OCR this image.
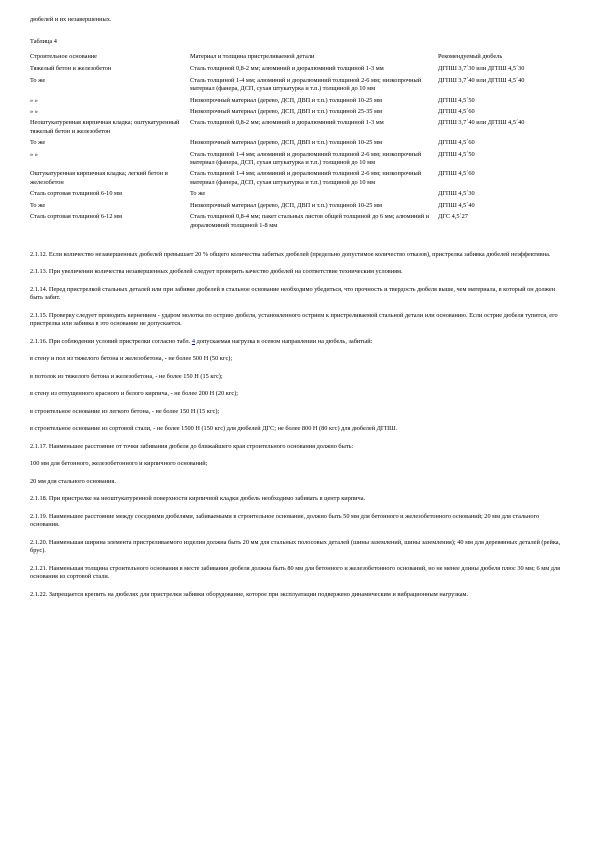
дюбелей и их незавершенных.
Таблица 4
Строительное основание	Материал и толщина пристреливаемой детали	Рекомендуемый дюбель
Тяжелый бетон и железобетон	Сталь толщиной 0,8-2 мм; алюминий и дюралюминий толщиной 1-3 мм	ДГПШ 3,7´30 или ДГПШ 4,5´30
То же	Сталь толщиной 1-4 мм; алюминий и дюралюминий толщиной 2-6 мм; низкопрочный материал (фанера, ДСП, сухая штукатурка и т.п.) толщиной до 10 мм	ДГПШ 3,7´40 или ДГПШ 4,5´40
» »	Низкопрочный материал (дерево, ДСП, ДВП и т.п.) толщиной 10-25 мм	ДГПШ 4,5´50
» »	Низкопрочный материал (дерево, ДСП, ДВП и т.п.) толщиной 25-35 мм	ДГПШ 4,5´60
Неоштукатуренная кирпичная кладка; оштукатуренный тяжелый бетон и железобетон	Сталь толщиной 0,8-2 мм; алюминий и дюралюминий толщиной 1-3 мм	ДГПШ 3,7´40 или ДГПШ 4,5´40
То же	Низкопрочный материал (дерево, ДСП, ДВП и т.п.) толщиной 10-25 мм	ДГПШ 4,5´60
» »	Сталь толщиной 1-4 мм; алюминий и дюралюминий толщиной 2-6 мм; низкопрочный материал (фанера, ДСП, сухая штукатурка и т.п.) толщиной до 10 мм	ДГПШ 4,5´50
Оштукатуренная кирпичная кладка; легкий бетон и железобетон	Сталь толщиной 1-4 мм; алюминий и дюралюминий толщиной 2-6 мм; низкопрочный материал (фанера, ДСП, сухая штукатурка и т.п.) толщиной до 10 мм	ДГПШ 4,5´60
Сталь сортовая толщиной 6-10 мм	То же	ДГПШ 4,5´30
То же	Низкопрочный материал (дерево, ДСП, ДВП и т.п.) толщиной 10-25 мм	ДГПШ 4,5´40
Сталь сортовая толщиной 6-12 мм	Сталь толщиной 0,8-4 мм; пакет стальных листов общей толщиной до 6 мм; алюминий и дюралюминий толщиной 1-8 мм	ДГС 4,5´27
2.1.12. Если количество незавершенных дюбелей превышает 20 % общего количества забитых дюбелей (предельно допустимое количество отказов), пристрелка забивка дюбелей неэффективна.
2.1.13. При увеличении количества незавершенных дюбелей следует проверить качество дюбелей на соответствие техническим условиям.
2.1.14. Перед пристрелкой стальных деталей или при забивке дюбелей в стальное основание необходимо убедиться, что прочность и твердость дюбеля выше, чем материала, в который он должен быть забит.
2.1.15. Проверку следует проводить кернением - ударом молотка по острию дюбеля, установленного острием к пристреливаемой стальной детали или основанию. Если острие дюбеля тупится, его пристрелка или забивка в это основание не допускается.
2.1.16. При соблюдении условий пристрелки согласно табл. 4 допускаемая нагрузка в осевом направлении на дюбель, забитый:
в стену и пол из тяжелого бетона и железобетона, - не более 500 Н (50 кгс);
в потолок из тяжелого бетона и железобетона, - не более 150 Н (15 кгс);
в стену из отпущенного красного и белого кирпича, - не более 200 Н (20 кгс);
в строительное основание из легкого бетона, - не более 150 Н (15 кгс);
в строительное основание из сортовой стали, - не более 1500 Н (150 кгс) для дюбелей ДГС; не более 800 Н (80 кгс) для дюбелей ДГПШ.
2.1.17. Наименьшее расстояние от точки забивания дюбеля до ближайшего края строительного основания должно быть:
100 мм для бетонного, железобетонного и кирпичного оснований;
20 мм для стального основания.
2.1.18. При пристрелке на неоштукатуренной поверхности кирпичной кладки дюбель необходимо забивать в центр кирпича.
2.1.19. Наименьшее расстояние между соседними дюбелями, забиваемыми в строительное основание, должно быть 50 мм для бетонного и железобетонного оснований; 20 мм для стального основания.
2.1.20. Наименьшая ширина элемента пристреливаемого изделия должна быть 20 мм для стальных полосовых деталей (шины заземлений, шины заземления); 40 мм для деревянных деталей (рейка, брус).
2.1.21. Наименьшая толщина строительного основания в месте забивания дюбеля должна быть 80 мм для бетонного и железобетонного оснований, но не менее длины дюбеля плюс 30 мм; 6 мм для основания из сортовой стали.
2.1.22. Запрещается крепить на дюбелях для пристрелки забивки оборудование, которое при эксплуатации подвержено динамическим и вибрационным нагрузкам.
